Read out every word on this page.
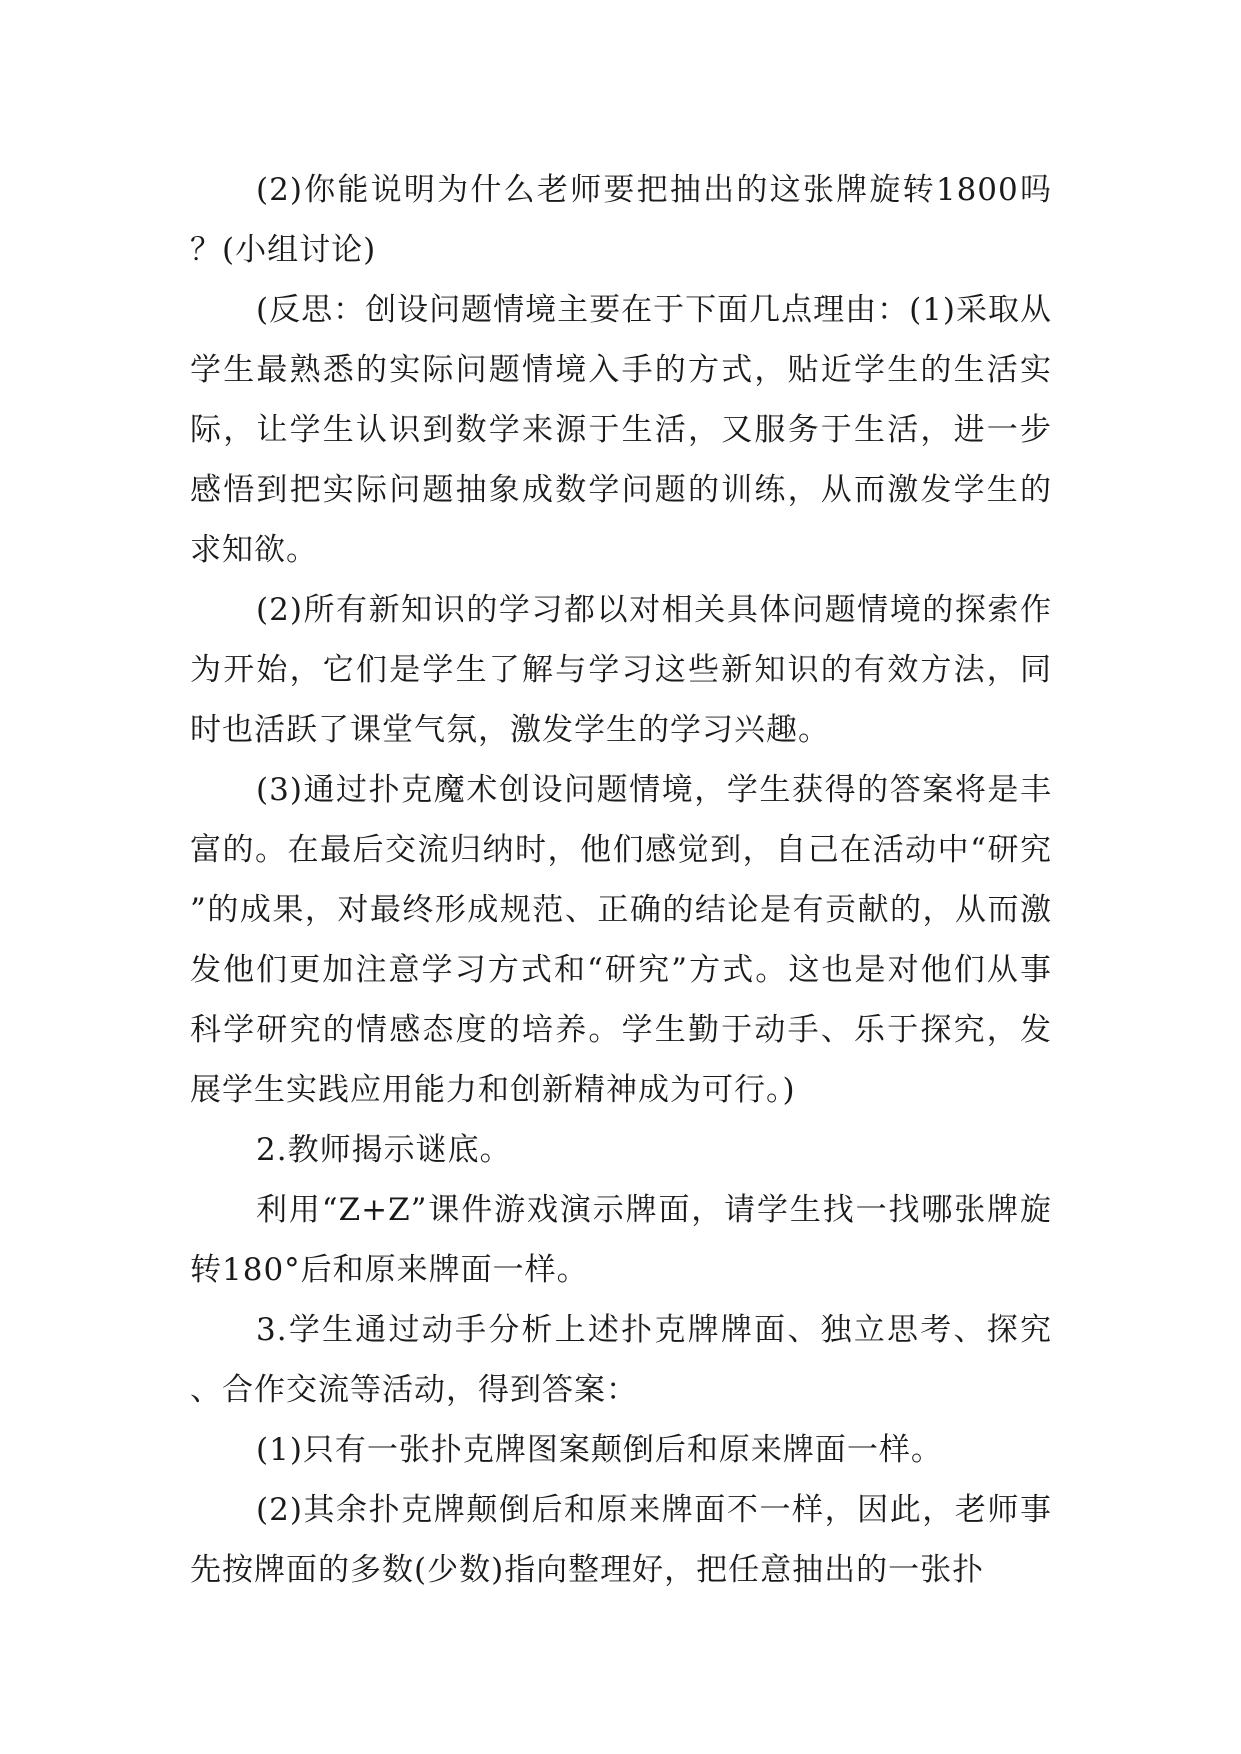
(2)你能说明为什么老师要把抽出的这张牌旋转1800吗？(小组讨论)

(反思：创设问题情境主要在于下面几点理由：(1)采取从学生最熟悉的实际问题情境入手的方式，贴近学生的生活实际，让学生认识到数学来源于生活，又服务于生活，进一步感悟到把实际问题抽象成数学问题的训练，从而激发学生的求知欲。

(2)所有新知识的学习都以对相关具体问题情境的探索作为开始，它们是学生了解与学习这些新知识的有效方法，同时也活跃了课堂气氛，激发学生的学习兴趣。

(3)通过扑克魔术创设问题情境，学生获得的答案将是丰富的。在最后交流归纳时，他们感觉到，自己在活动中“研究”的成果，对最终形成规范、正确的结论是有贡献的，从而激发他们更加注意学习方式和“研究”方式。这也是对他们从事科学研究的情感态度的培养。学生勤于动手、乐于探究，发展学生实践应用能力和创新精神成为可行。)

2.教师揭示谜底。

利用“Z+Z”课件游戏演示牌面，请学生找一找哪张牌旋转180°后和原来牌面一样。

3.学生通过动手分析上述扑克牌牌面、独立思考、探究、合作交流等活动，得到答案：

(1)只有一张扑克牌图案颠倒后和原来牌面一样。

(2)其余扑克牌颠倒后和原来牌面不一样，因此，老师事先按牌面的多数(少数)指向整理好，把任意抽出的一张扑
